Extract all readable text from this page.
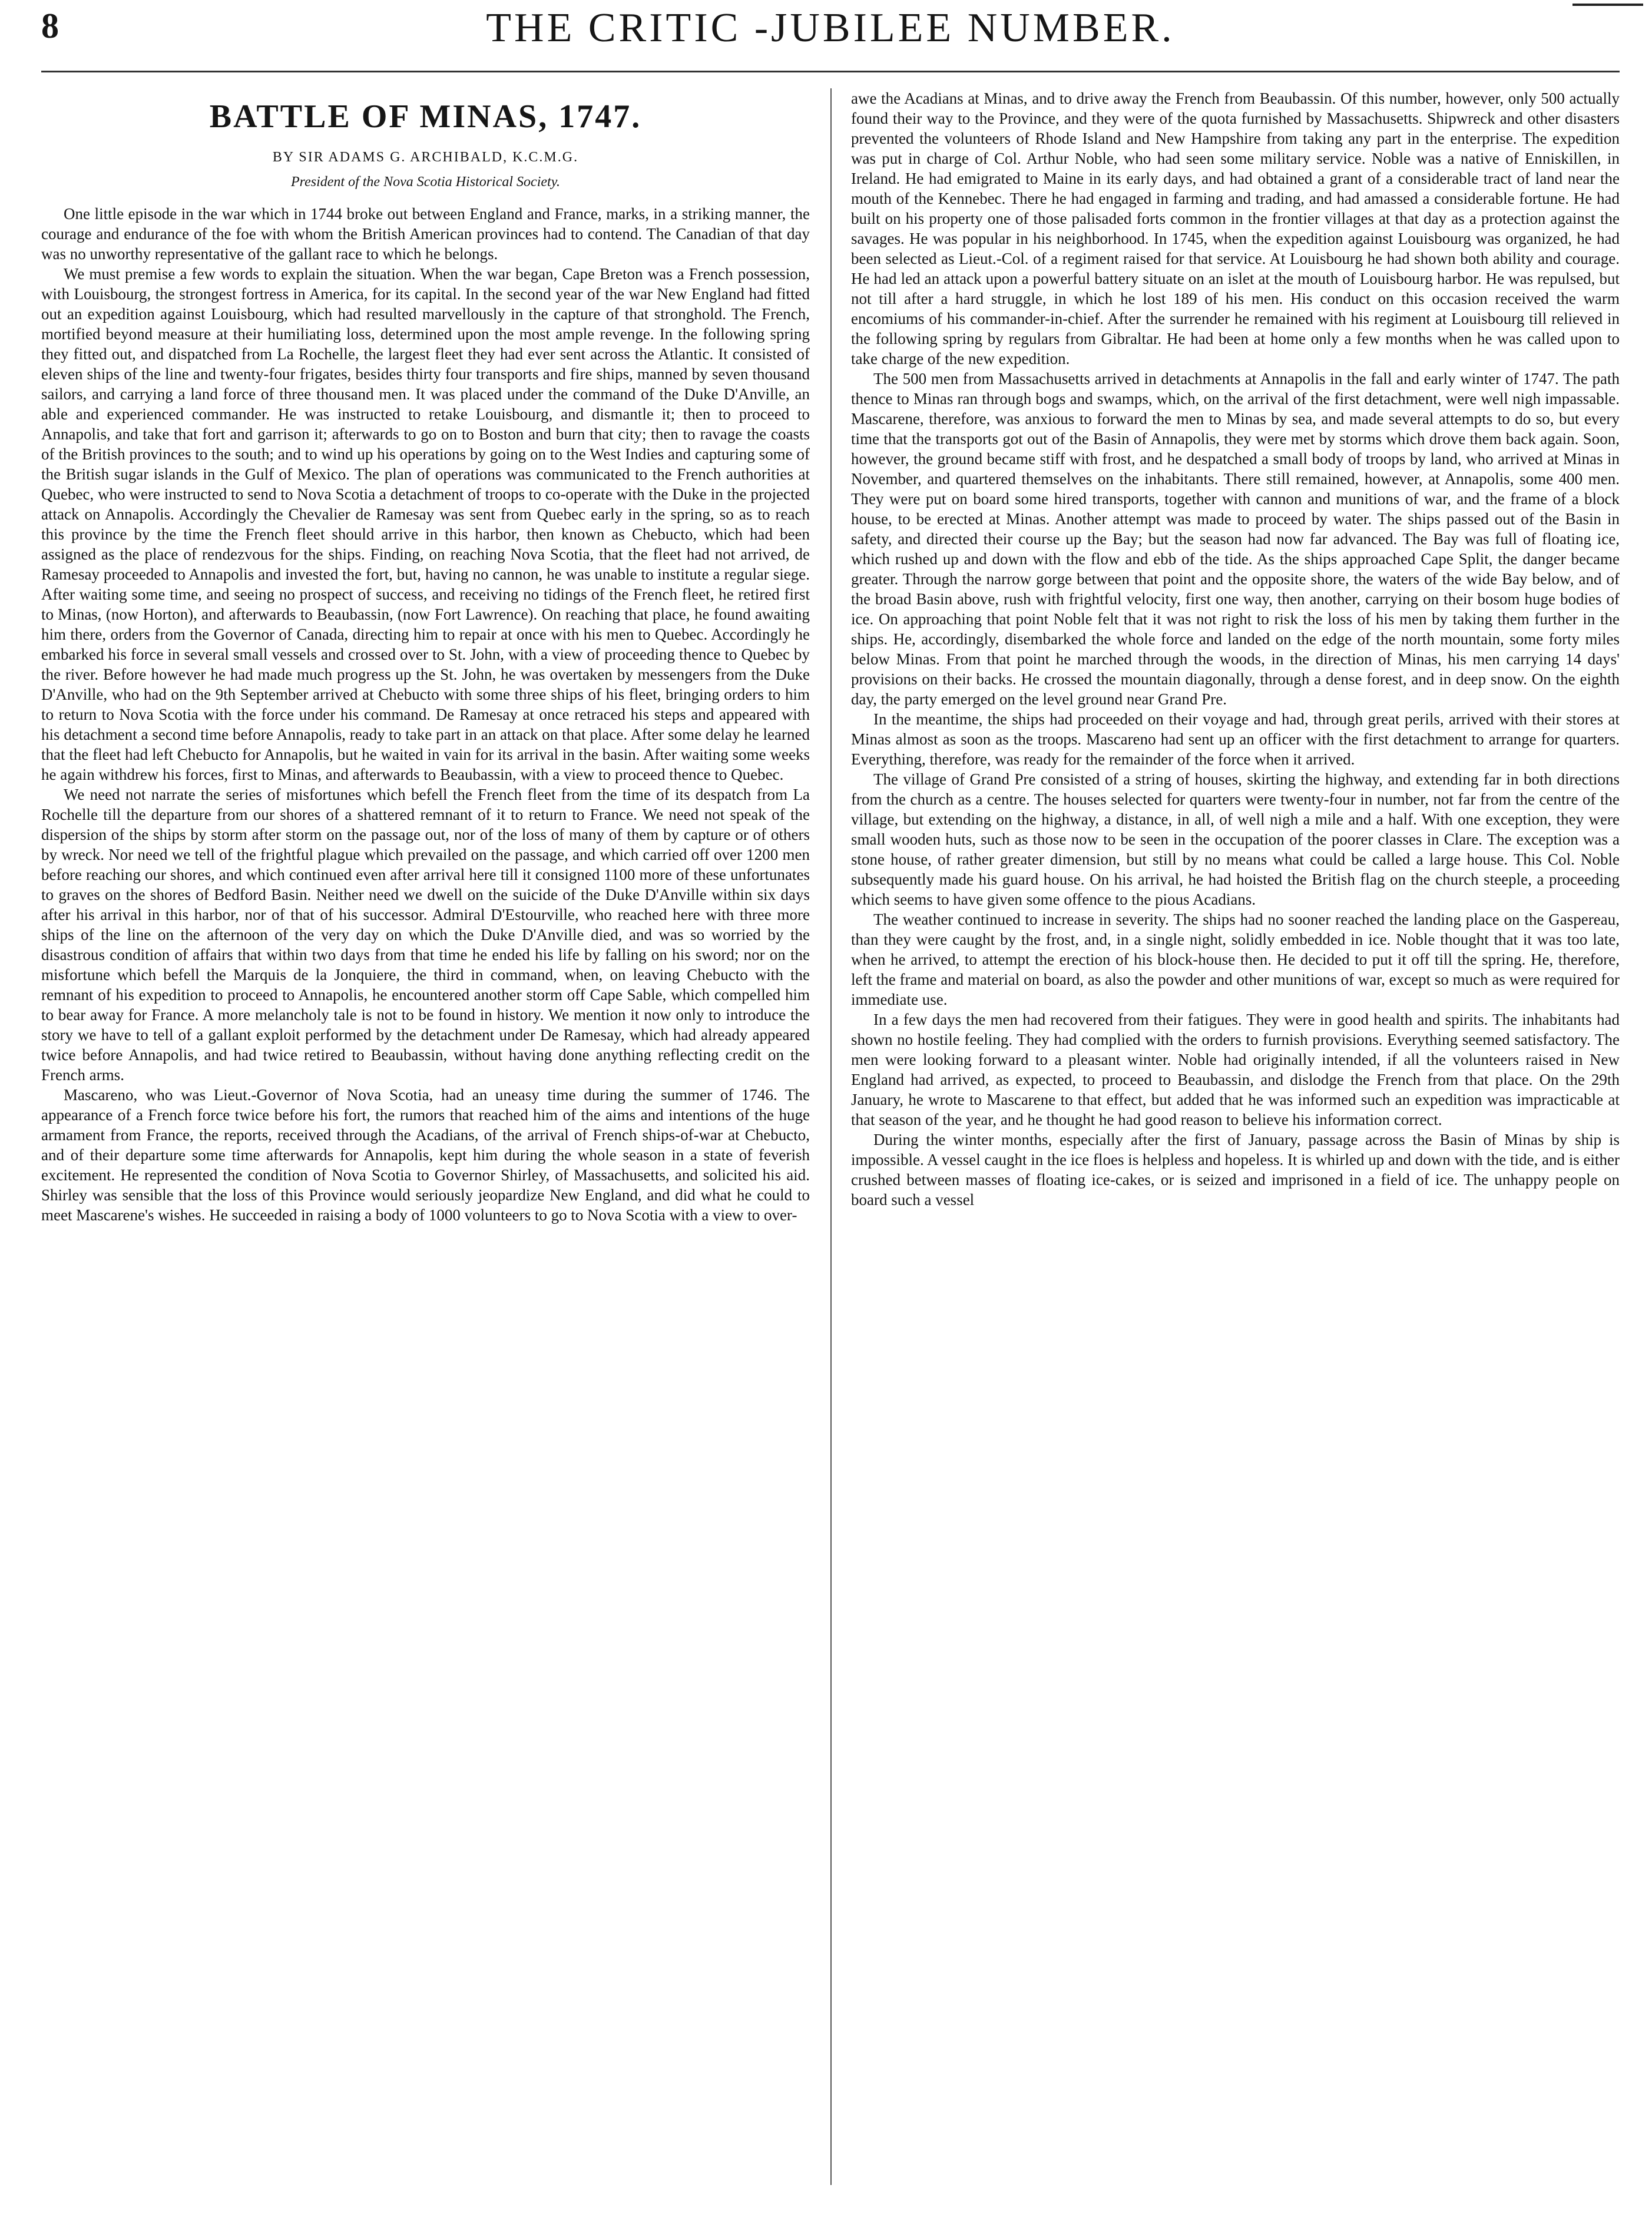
8	THE CRITIC -JUBILEE NUMBER.
BATTLE OF MINAS, 1747.
BY SIR ADAMS G. ARCHIBALD, K.C.M.G.
President of the Nova Scotia Historical Society.

One little episode in the war which in 1744 broke out between England and France, marks, in a striking manner, the courage and endurance of the foe with whom the British American provinces had to contend. The Canadian of that day was no unworthy representative of the gallant race to which he belongs.

We must premise a few words to explain the situation. When the war began, Cape Breton was a French possession, with Louisbourg, the strongest fortress in America, for its capital. In the second year of the war New England had fitted out an expedition against Louisbourg, which had resulted marvellously in the capture of that stronghold. The French, mortified beyond measure at their humiliating loss, determined upon the most ample revenge. In the following spring they fitted out, and dispatched from La Rochelle, the largest fleet they had ever sent across the Atlantic. It consisted of eleven ships of the line and twenty-four frigates, besides thirty four transports and fire ships, manned by seven thousand sailors, and carrying a land force of three thousand men. It was placed under the command of the Duke D'Anville, an able and experienced commander. He was instructed to retake Louisbourg, and dismantle it; then to proceed to Annapolis, and take that fort and garrison it; afterwards to go on to Boston and burn that city; then to ravage the coasts of the British provinces to the south; and to wind up his operations by going on to the West Indies and capturing some of the British sugar islands in the Gulf of Mexico. The plan of operations was communicated to the French authorities at Quebec, who were instructed to send to Nova Scotia a detachment of troops to co-operate with the Duke in the projected attack on Annapolis. Accordingly the Chevalier de Ramesay was sent from Quebec early in the spring, so as to reach this province by the time the French fleet should arrive in this harbor, then known as Chebucto, which had been assigned as the place of rendezvous for the ships. Finding, on reaching Nova Scotia, that the fleet had not arrived, de Ramesay proceeded to Annapolis and invested the fort, but, having no cannon, he was unable to institute a regular siege. After waiting some time, and seeing no prospect of success, and receiving no tidings of the French fleet, he retired first to Minas, (now Horton), and afterwards to Beaubassin, (now Fort Lawrence). On reaching that place, he found awaiting him there, orders from the Governor of Canada, directing him to repair at once with his men to Quebec. Accordingly he embarked his force in several small vessels and crossed over to St. John, with a view of proceeding thence to Quebec by the river. Before however he had made much progress up the St. John, he was overtaken by messengers from the Duke D'Anville, who had on the 9th September arrived at Chebucto with some three ships of his fleet, bringing orders to him to return to Nova Scotia with the force under his command. De Ramesay at once retraced his steps and appeared with his detachment a second time before Annapolis, ready to take part in an attack on that place. After some delay he learned that the fleet had left Chebucto for Annapolis, but he waited in vain for its arrival in the basin. After waiting some weeks he again withdrew his forces, first to Minas, and afterwards to Beaubassin, with a view to proceed thence to Quebec.

We need not narrate the series of misfortunes which befell the French fleet from the time of its despatch from La Rochelle till the departure from our shores of a shattered remnant of it to return to France. We need not speak of the dispersion of the ships by storm after storm on the passage out, nor of the loss of many of them by capture or of others by wreck. Nor need we tell of the frightful plague which prevailed on the passage, and which carried off over 1200 men before reaching our shores, and which continued even after arrival here till it consigned 1100 more of these unfortunates to graves on the shores of Bedford Basin. Neither need we dwell on the suicide of the Duke D'Anville within six days after his arrival in this harbor, nor of that of his successor. Admiral D'Estourville, who reached here with three more ships of the line on the afternoon of the very day on which the Duke D'Anville died, and was so worried by the disastrous condition of affairs that within two days from that time he ended his life by falling on his sword; nor on the misfortune which befell the Marquis de la Jonquiere, the third in command, when, on leaving Chebucto with the remnant of his expedition to proceed to Annapolis, he encountered another storm off Cape Sable, which compelled him to bear away for France. A more melancholy tale is not to be found in history. We mention it now only to introduce the story we have to tell of a gallant exploit performed by the detachment under De Ramesay, which had already appeared twice before Annapolis, and had twice retired to Beaubassin, without having done anything reflecting credit on the French arms.

Mascareno, who was Lieut.-Governor of Nova Scotia, had an uneasy time during the summer of 1746. The appearance of a French force twice before his fort, the rumors that reached him of the aims and intentions of the huge armament from France, the reports, received through the Acadians, of the arrival of French ships-of-war at Chebucto, and of their departure some time afterwards for Annapolis, kept him during the whole season in a state of feverish excitement. He represented the condition of Nova Scotia to Governor Shirley, of Massachusetts, and solicited his aid. Shirley was sensible that the loss of this Province would seriously jeopardize New England, and did what he could to meet Mascarene's wishes. He succeeded in raising a body of 1000 volunteers to go to Nova Scotia with a view to over-

awe the Acadians at Minas, and to drive away the French from Beaubassin. Of this number, however, only 500 actually found their way to the Province, and they were of the quota furnished by Massachusetts. Shipwreck and other disasters prevented the volunteers of Rhode Island and New Hampshire from taking any part in the enterprise. The expedition was put in charge of Col. Arthur Noble, who had seen some military service. Noble was a native of Enniskillen, in Ireland. He had emigrated to Maine in its early days, and had obtained a grant of a considerable tract of land near the mouth of the Kennebec. There he had engaged in farming and trading, and had amassed a considerable fortune. He had built on his property one of those palisaded forts common in the frontier villages at that day as a protection against the savages. He was popular in his neighborhood. In 1745, when the expedition against Louisbourg was organized, he had been selected as Lieut.-Col. of a regiment raised for that service. At Louisbourg he had shown both ability and courage. He had led an attack upon a powerful battery situate on an islet at the mouth of Louisbourg harbor. He was repulsed, but not till after a hard struggle, in which he lost 189 of his men. His conduct on this occasion received the warm encomiums of his commander-in-chief. After the surrender he remained with his regiment at Louisbourg till relieved in the following spring by regulars from Gibraltar. He had been at home only a few months when he was called upon to take charge of the new expedition.

The 500 men from Massachusetts arrived in detachments at Annapolis in the fall and early winter of 1747. The path thence to Minas ran through bogs and swamps, which, on the arrival of the first detachment, were well nigh impassable. Mascarene, therefore, was anxious to forward the men to Minas by sea, and made several attempts to do so, but every time that the transports got out of the Basin of Annapolis, they were met by storms which drove them back again. Soon, however, the ground became stiff with frost, and he despatched a small body of troops by land, who arrived at Minas in November, and quartered themselves on the inhabitants. There still remained, however, at Annapolis, some 400 men. They were put on board some hired transports, together with cannon and munitions of war, and the frame of a block house, to be erected at Minas. Another attempt was made to proceed by water. The ships passed out of the Basin in safety, and directed their course up the Bay; but the season had now far advanced. The Bay was full of floating ice, which rushed up and down with the flow and ebb of the tide. As the ships approached Cape Split, the danger became greater. Through the narrow gorge between that point and the opposite shore, the waters of the wide Bay below, and of the broad Basin above, rush with frightful velocity, first one way, then another, carrying on their bosom huge bodies of ice. On approaching that point Noble felt that it was not right to risk the loss of his men by taking them further in the ships. He, accordingly, disembarked the whole force and landed on the edge of the north mountain, some forty miles below Minas. From that point he marched through the woods, in the direction of Minas, his men carrying 14 days' provisions on their backs. He crossed the mountain diagonally, through a dense forest, and in deep snow. On the eighth day, the party emerged on the level ground near Grand Pre.

In the meantime, the ships had proceeded on their voyage and had, through great perils, arrived with their stores at Minas almost as soon as the troops. Mascareno had sent up an officer with the first detachment to arrange for quarters. Everything, therefore, was ready for the remainder of the force when it arrived.

The village of Grand Pre consisted of a string of houses, skirting the highway, and extending far in both directions from the church as a centre. The houses selected for quarters were twenty-four in number, not far from the centre of the village, but extending on the highway, a distance, in all, of well nigh a mile and a half. With one exception, they were small wooden huts, such as those now to be seen in the occupation of the poorer classes in Clare. The exception was a stone house, of rather greater dimension, but still by no means what could be called a large house. This Col. Noble subsequently made his guard house. On his arrival, he had hoisted the British flag on the church steeple, a proceeding which seems to have given some offence to the pious Acadians.

The weather continued to increase in severity. The ships had no sooner reached the landing place on the Gaspereau, than they were caught by the frost, and, in a single night, solidly embedded in ice. Noble thought that it was too late, when he arrived, to attempt the erection of his block-house then. He decided to put it off till the spring. He, therefore, left the frame and material on board, as also the powder and other munitions of war, except so much as were required for immediate use.

In a few days the men had recovered from their fatigues. They were in good health and spirits. The inhabitants had shown no hostile feeling. They had complied with the orders to furnish provisions. Everything seemed satisfactory. The men were looking forward to a pleasant winter. Noble had originally intended, if all the volunteers raised in New England had arrived, as expected, to proceed to Beaubassin, and dislodge the French from that place. On the 29th January, he wrote to Mascarene to that effect, but added that he was informed such an expedition was impracticable at that season of the year, and he thought he had good reason to believe his information correct.

During the winter months, especially after the first of January, passage across the Basin of Minas by ship is impossible. A vessel caught in the ice floes is helpless and hopeless. It is whirled up and down with the tide, and is either crushed between masses of floating ice-cakes, or is seized and imprisoned in a field of ice. The unhappy people on board such a vessel
